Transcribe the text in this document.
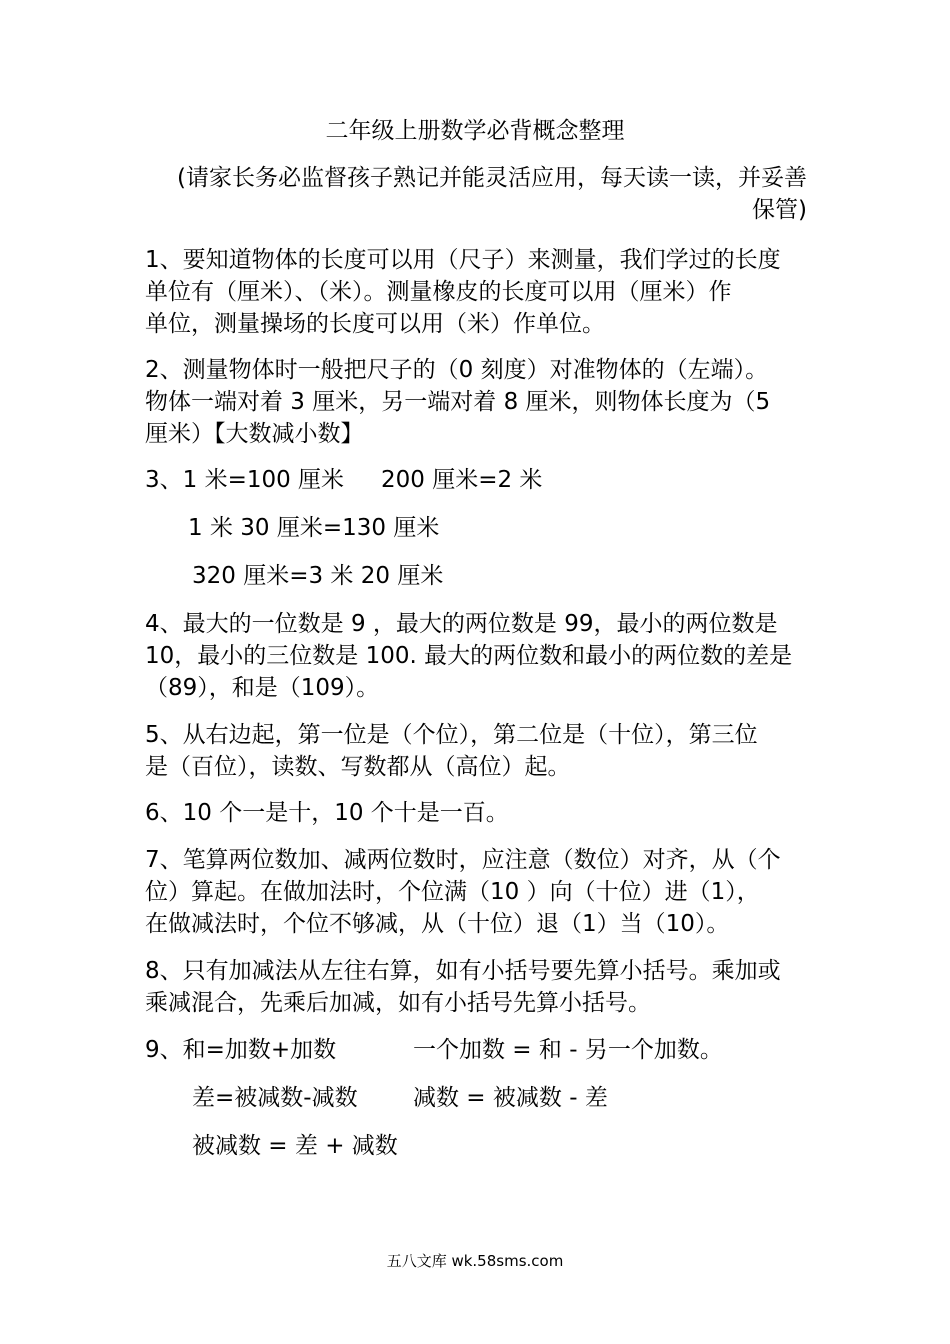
二年级上册数学必背概念整理
(请家长务必监督孩子熟记并能灵活应用，每天读一读，并妥善
保管)
1、要知道物体的长度可以用（尺子）来测量，我们学过的长度
单位有（厘米）、（米）。测量橡皮的长度可以用（厘米）作
单位，测量操场的长度可以用（米）作单位。
2、测量物体时一般把尺子的（0 刻度）对准物体的（左端）。
物体一端对着 3 厘米，另一端对着 8 厘米，则物体长度为（5
厘米）【大数减小数】
3、1 米=100 厘米 200 厘米=2 米
1 米 30 厘米=130 厘米
320 厘米=3 米 20 厘米
4、最大的一位数是 9 ，最大的两位数是 99，最小的两位数是
10，最小的三位数是 100. 最大的两位数和最小的两位数的差是
（89），和是（109）。
5、从右边起，第一位是（个位），第二位是（十位），第三位
是（百位），读数、写数都从（高位）起。
6、10 个一是十，10 个十是一百。
7、笔算两位数加、减两位数时，应注意（数位）对齐，从（个
位）算起。在做加法时，个位满（10 ）向（十位）进（1），
在做减法时，个位不够减，从（十位）退（1）当（10）。
8、只有加减法从左往右算，如有小括号要先算小括号。乘加或
乘减混合，先乘后加减，如有小括号先算小括号。
9、和=加数+加数	一个加数 = 和 - 另一个加数。
差=被减数-减数 减数 = 被减数 - 差
被减数 = 差 + 减数
五八文库 wk.58sms.com
